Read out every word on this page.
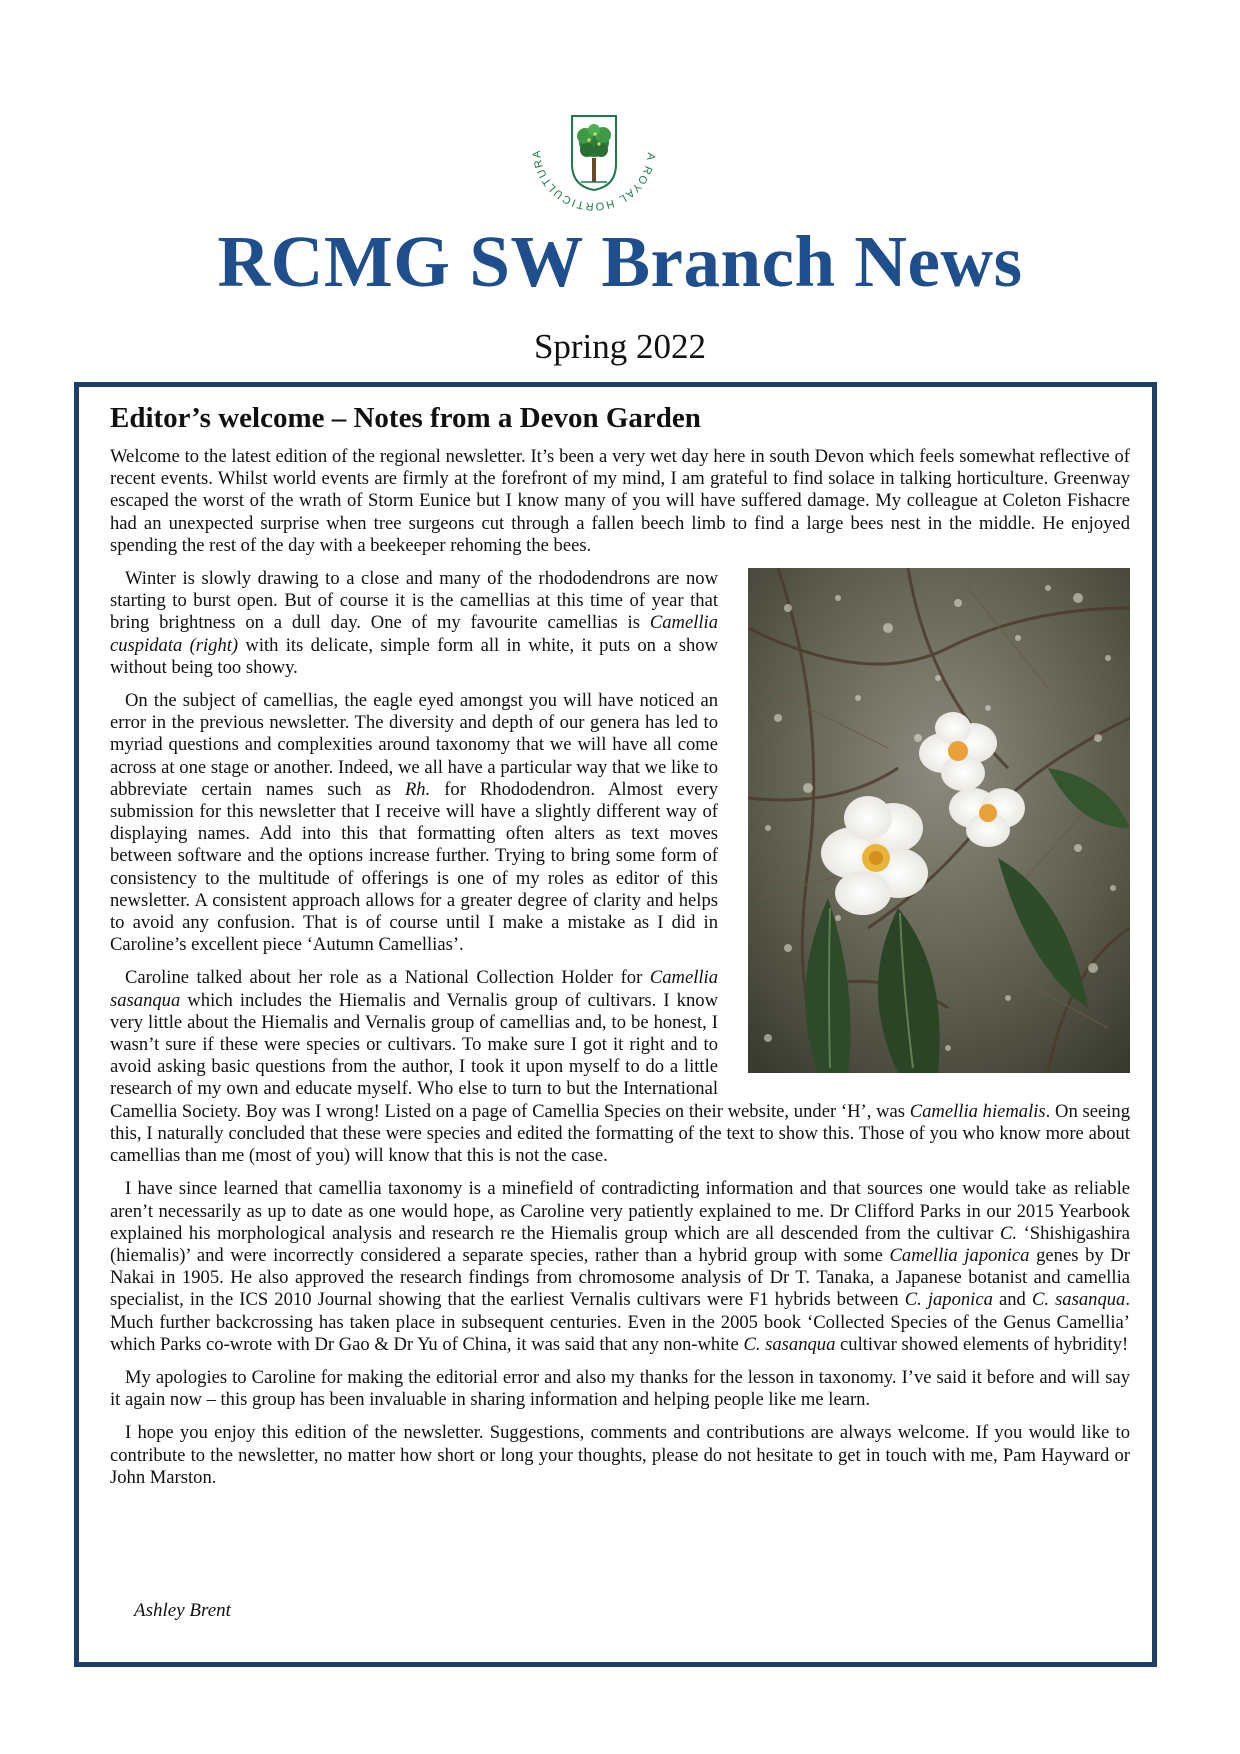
A ROYAL HORTICULTURA
RCMG SW Branch News
Spring 2022
Editor’s welcome – Notes from a Devon Garden

Welcome to the latest edition of the regional newsletter. It’s been a very wet day here in south Devon which feels somewhat reflective of recent events. Whilst world events are firmly at the forefront of my mind, I am grateful to find solace in talking horticulture. Greenway escaped the worst of the wrath of Storm Eunice but I know many of you will have suffered damage. My colleague at Coleton Fishacre had an unexpected surprise when tree surgeons cut through a fallen beech limb to find a large bees nest in the middle. He enjoyed spending the rest of the day with a beekeeper rehoming the bees.

Winter is slowly drawing to a close and many of the rhododendrons are now starting to burst open. But of course it is the camellias at this time of year that bring brightness on a dull day. One of my favourite camellias is Camellia cuspidata (right) with its delicate, simple form all in white, it puts on a show without being too showy.

On the subject of camellias, the eagle eyed amongst you will have noticed an error in the previous newsletter. The diversity and depth of our genera has led to myriad questions and complexities around taxonomy that we will have all come across at one stage or another. Indeed, we all have a particular way that we like to abbreviate certain names such as Rh. for Rhododendron. Almost every submission for this newsletter that I receive will have a slightly different way of displaying names. Add into this that formatting often alters as text moves between software and the options increase further. Trying to bring some form of consistency to the multitude of offerings is one of my roles as editor of this newsletter. A consistent approach allows for a greater degree of clarity and helps to avoid any confusion. That is of course until I make a mistake as I did in Caroline’s excellent piece ‘Autumn Camellias’.

Caroline talked about her role as a National Collection Holder for Camellia sasanqua which includes the Hiemalis and Vernalis group of cultivars. I know very little about the Hiemalis and Vernalis group of camellias and, to be honest, I wasn’t sure if these were species or cultivars. To make sure I got it right and to avoid asking basic questions from the author, I took it upon myself to do a little research of my own and educate myself. Who else to turn to but the International Camellia Society. Boy was I wrong! Listed on a page of Camellia Species on their website, under ‘H’, was Camellia hiemalis. On seeing this, I naturally concluded that these were species and edited the formatting of the text to show this. Those of you who know more about camellias than me (most of you) will know that this is not the case.

I have since learned that camellia taxonomy is a minefield of contradicting information and that sources one would take as reliable aren’t necessarily as up to date as one would hope, as Caroline very patiently explained to me. Dr Clifford Parks in our 2015 Yearbook explained his morphological analysis and research re the Hiemalis group which are all descended from the cultivar C. ‘Shishigashira (hiemalis)’ and were incorrectly considered a separate species, rather than a hybrid group with some Camellia japonica genes by Dr Nakai in 1905. He also approved the research findings from chromosome analysis of Dr T. Tanaka, a Japanese botanist and camellia specialist, in the ICS 2010 Journal showing that the earliest Vernalis cultivars were F1 hybrids between C. japonica and C. sasanqua. Much further backcrossing has taken place in subsequent centuries. Even in the 2005 book ‘Collected Species of the Genus Camellia’ which Parks co-wrote with Dr Gao & Dr Yu of China, it was said that any non-white C. sasanqua cultivar showed elements of hybridity!

My apologies to Caroline for making the editorial error and also my thanks for the lesson in taxonomy. I’ve said it before and will say it again now – this group has been invaluable in sharing information and helping people like me learn.

I hope you enjoy this edition of the newsletter. Suggestions, comments and contributions are always welcome. If you would like to contribute to the newsletter, no matter how short or long your thoughts, please do not hesitate to get in touch with me, Pam Hayward or John Marston.

Ashley Brent
